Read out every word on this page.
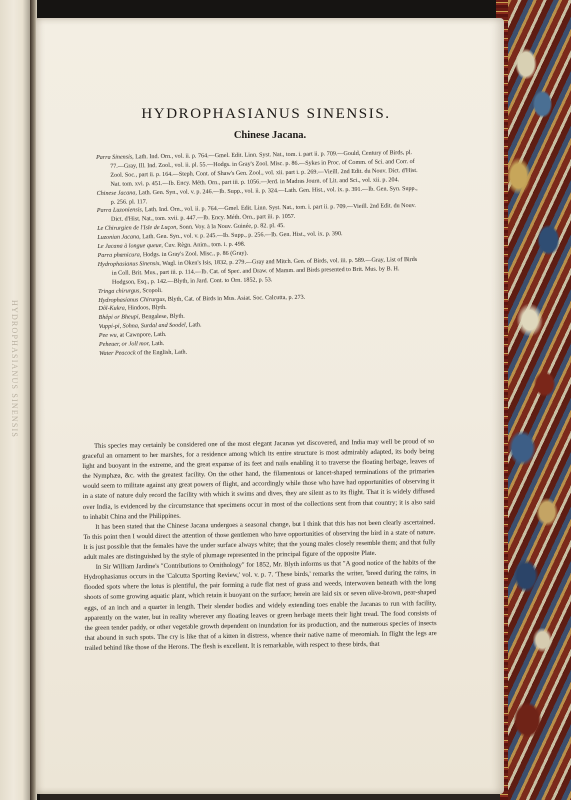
HYDROPHASIANUS SINENSIS
HYDROPHASIANUS SINENSIS.
Chinese Jacana.

Parra Sinensis, Lath. Ind. Orn., vol. ii. p. 764.—Gmel. Edit. Linn. Syst. Nat., tom. i. part ii. p. 709.—Gould, Century of Birds, pl. 77.—Gray, Ill. Ind. Zool., vol. ii. pl. 55.—Hodgs. in Gray's Zool. Misc. p. 86.—Sykes in Proc. of Comm. of Sci. and Corr. of Zool. Soc., part ii. p. 164.—Steph. Cont. of Shaw's Gen. Zool., vol. xii. part i. p. 269.—Vieill. 2nd Edit. du Nouv. Dict. d'Hist. Nat. tom. xvi. p. 451.—Ib. Ency. Méth. Orn., part iii. p. 1056.—Jerd. in Madras Journ. of Lit. and Sci., vol. xii. p. 204.

Chinese Jacana, Lath. Gen. Syn., vol. v. p. 246.—Ib. Supp., vol. ii. p. 324.—Lath. Gen. Hist., vol. ix. p. 391.—Ib. Gen. Syn. Supp., p. 256. pl. 117.

Parra Luzoniensis, Lath. Ind. Orn., vol. ii. p. 764.—Gmel. Edit. Linn. Syst. Nat., tom. i. part ii. p. 709.—Vieill. 2nd Edit. du Nouv. Dict. d'Hist. Nat., tom. xvii. p. 447.—Ib. Ency. Méth. Orn., part iii. p. 1057.

Le Chirurgien de l'Isle de Luçon, Sonn. Voy. à la Nouv. Guinée, p. 82. pl. 45.

Luzonian Jacana, Lath. Gen. Syn., vol. v. p. 245.—Ib. Supp., p. 256.—Ib. Gen. Hist., vol. ix. p. 390.

Le Jacana à longue queue, Cuv. Règn. Anim., tom. i. p. 498.

Parra phœnicura, Hodgs. in Gray's Zool. Misc., p. 86 (Gray).

Hydrophasianus Sinensis, Wagl. in Oken's Isis, 1832, p. 279.—Gray and Mitch. Gen. of Birds, vol. iii. p. 589.—Gray, List of Birds in Coll. Brit. Mus., part iii. p. 114.—Ib. Cat. of Spec. and Draw. of Mamm. and Birds presented to Brit. Mus. by B. H. Hodgson, Esq., p. 142.—Blyth, in Jard. Cont. to Orn. 1852, p. 53.

Tringa chirurgus, Scopoli.

Hydrophasianus Chirurgus, Blyth, Cat. of Birds in Mus. Asiat. Soc. Calcutta, p. 273.

Dôl-Kukra, Hindoos, Blyth.

Bhêpi or Bheupi, Bengalese, Blyth.

Vuppi-pi, Sohna, Surdal and Soodel, Lath.

Pee wu, at Cawnpore, Lath.

Peheuer, or Joll mor, Lath.

Water Peacock of the English, Lath.

This species may certainly be considered one of the most elegant Jacanas yet discovered, and India may well be proud of so graceful an ornament to her marshes, for a residence among which its entire structure is most admirably adapted, its body being light and buoyant in the extreme, and the great expanse of its feet and nails enabling it to traverse the floating herbage, leaves of the Nymphæa, &c. with the greatest facility. On the other hand, the filamentous or lancet-shaped terminations of the primaries would seem to militate against any great powers of flight, and accordingly while those who have had opportunities of observing it in a state of nature duly record the facility with which it swims and dives, they are silent as to its flight. That it is widely diffused over India, is evidenced by the circumstance that specimens occur in most of the collections sent from that country; it is also said to inhabit China and the Philippines.

It has been stated that the Chinese Jacana undergoes a seasonal change, but I think that this has not been clearly ascertained. To this point then I would direct the attention of those gentlemen who have opportunities of observing the bird in a state of nature. It is just possible that the females have the under surface always white; that the young males closely resemble them; and that fully adult males are distinguished by the style of plumage represented in the principal figure of the opposite Plate.

In Sir William Jardine's "Contributions to Ornithology" for 1852, Mr. Blyth informs us that "A good notice of the habits of the Hydrophasianus occurs in the 'Calcutta Sporting Review,' vol. v. p. 7. 'These birds,' remarks the writer, 'breed during the rains, in flooded spots where the lotus is plentiful, the pair forming a rude flat nest of grass and weeds, interwoven beneath with the long shoots of some growing aquatic plant, which retain it buoyant on the surface; herein are laid six or seven olive-brown, pear-shaped eggs, of an inch and a quarter in length. Their slender bodies and widely extending toes enable the Jacanas to run with facility, apparently on the water, but in reality wherever any floating leaves or green herbage meets their light tread. The food consists of the green tender paddy, or other vegetable growth dependent on inundation for its production, and the numerous species of insects that abound in such spots. The cry is like that of a kitten in distress, whence their native name of meeomiah. In flight the legs are trailed behind like those of the Herons. The flesh is excellent. It is remarkable, with respect to these birds, that
